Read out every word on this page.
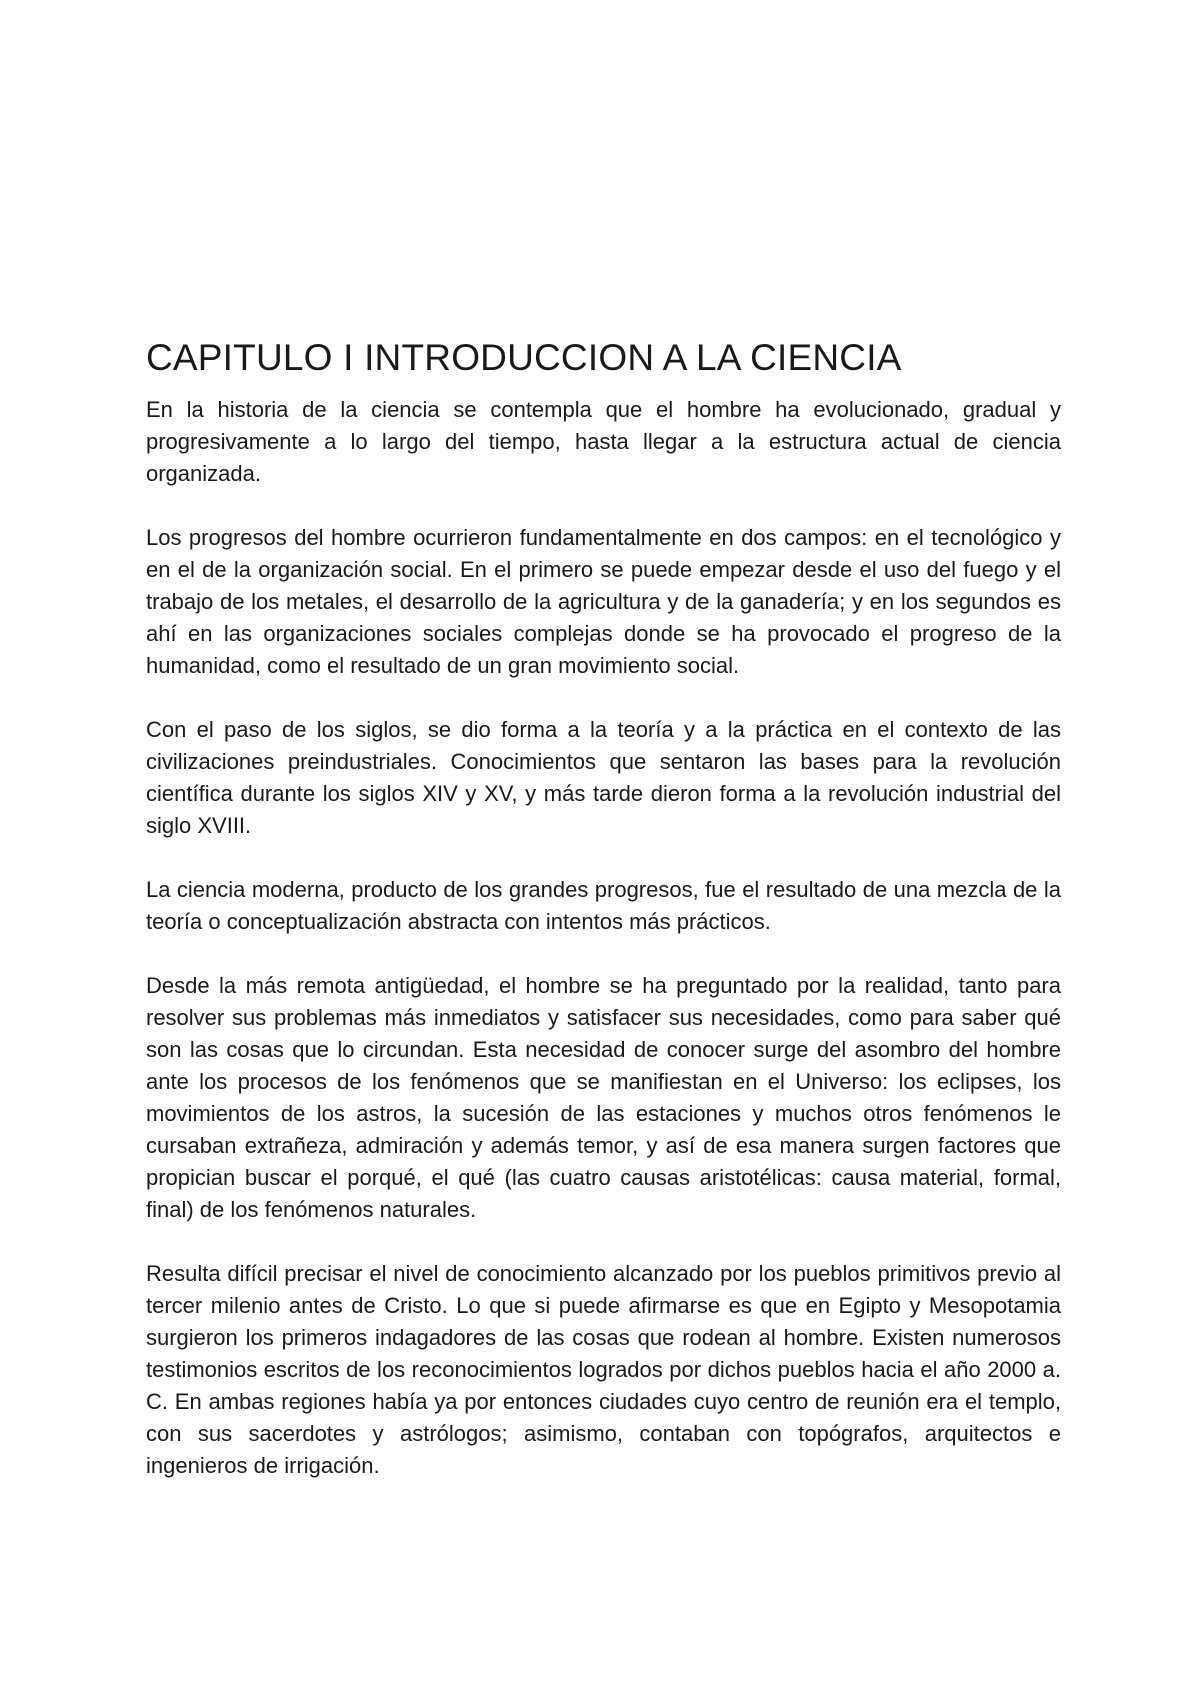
CAPITULO I INTRODUCCION A LA CIENCIA

En la historia de la ciencia se contempla que el hombre ha evolucionado, gradual y progresivamente a lo largo del tiempo, hasta llegar a la estructura actual de ciencia organizada.

Los progresos del hombre ocurrieron fundamentalmente en dos campos: en el tecnológico y en el de la organización social. En el primero se puede empezar desde el uso del fuego y el trabajo de los metales, el desarrollo de la agricultura y de la ganadería; y en los segundos es ahí en las organizaciones sociales complejas donde se ha provocado el progreso de la humanidad, como el resultado de un gran movimiento social.

Con el paso de los siglos, se dio forma a la teoría y a la práctica en el contexto de las civilizaciones preindustriales. Conocimientos que sentaron las bases para la revolución científica durante los siglos XIV y XV, y más tarde dieron forma a la revolución industrial del siglo XVIII.

La ciencia moderna, producto de los grandes progresos, fue el resultado de una mezcla de la teoría o conceptualización abstracta con intentos más prácticos.

Desde la más remota antigüedad, el hombre se ha preguntado por la realidad, tanto para resolver sus problemas más inmediatos y satisfacer sus necesidades, como para saber qué son las cosas que lo circundan. Esta necesidad de conocer surge del asombro del hombre ante los procesos de los fenómenos que se manifiestan en el Universo: los eclipses, los movimientos de los astros, la sucesión de las estaciones y muchos otros fenómenos le cursaban extrañeza, admiración y además temor, y así de esa manera surgen factores que propician buscar el porqué, el qué (las cuatro causas aristotélicas: causa material, formal, final) de los fenómenos naturales.

Resulta difícil precisar el nivel de conocimiento alcanzado por los pueblos primitivos previo al tercer milenio antes de Cristo. Lo que si puede afirmarse es que en Egipto y Mesopotamia surgieron los primeros indagadores de las cosas que rodean al hombre. Existen numerosos testimonios escritos de los reconocimientos logrados por dichos pueblos hacia el año 2000 a. C. En ambas regiones había ya por entonces ciudades cuyo centro de reunión era el templo, con sus sacerdotes y astrólogos; asimismo, contaban con topógrafos, arquitectos e ingenieros de irrigación.
